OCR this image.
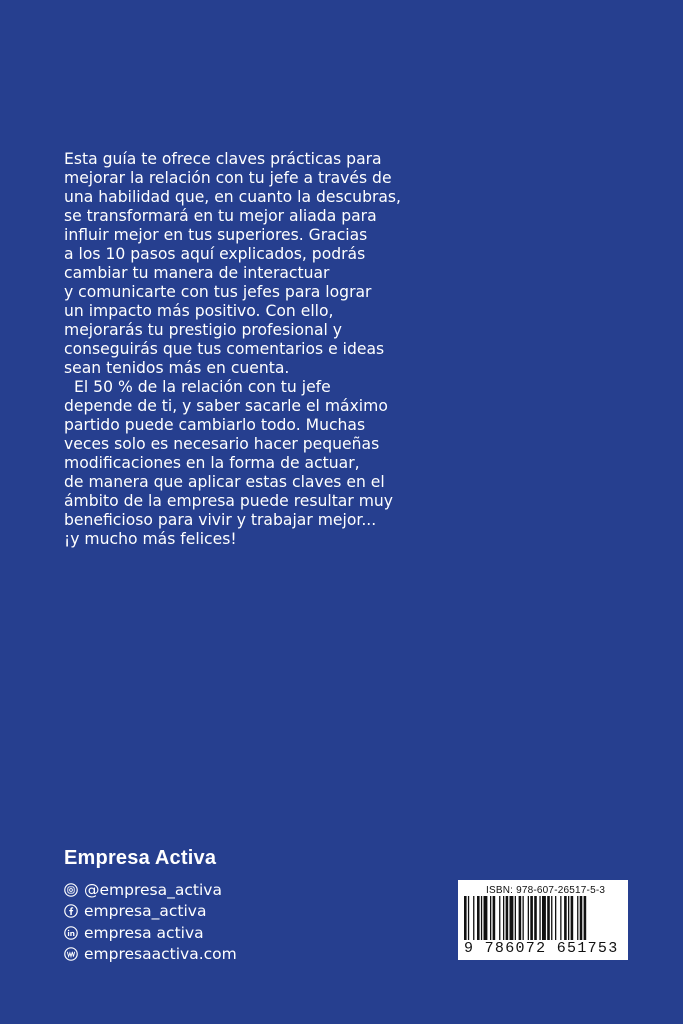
Esta guía te ofrece claves prácticas para
mejorar la relación con tu jefe a través de
una habilidad que, en cuanto la descubras,
se transformará en tu mejor aliada para
influir mejor en tus superiores. Gracias
a los 10 pasos aquí explicados, podrás
cambiar tu manera de interactuar
y comunicarte con tus jefes para lograr
un impacto más positivo. Con ello,
mejorarás tu prestigio profesional y
conseguirás que tus comentarios e ideas
sean tenidos más en cuenta.
El 50 % de la relación con tu jefe
depende de ti, y saber sacarle el máximo
partido puede cambiarlo todo. Muchas
veces solo es necesario hacer pequeñas
modificaciones en la forma de actuar,
de manera que aplicar estas claves en el
ámbito de la empresa puede resultar muy
beneficioso para vivir y trabajar mejor...
¡y mucho más felices!
Empresa Activa
@empresa_activa
empresa_activa
empresa activa
empresaactiva.com
ISBN: 978-607-26517-5-3
9 786072 651753
